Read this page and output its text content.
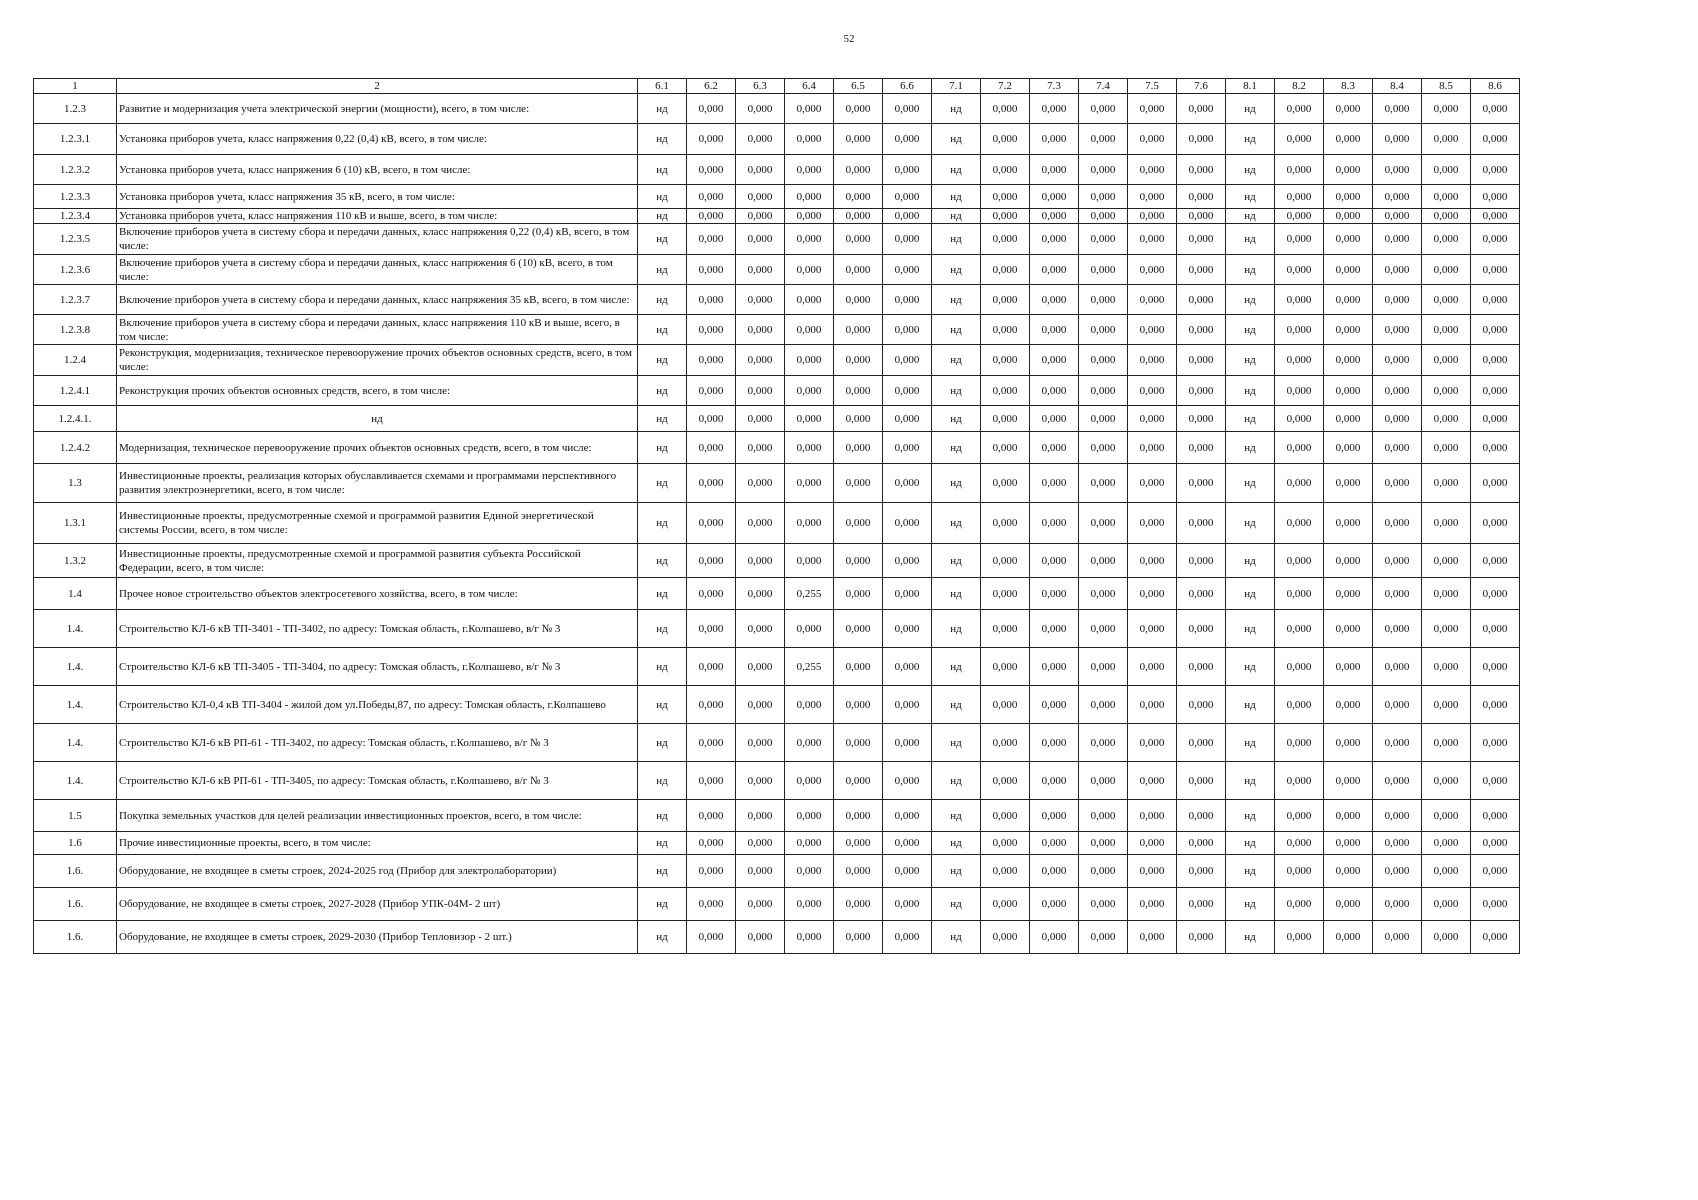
52
1	2	6.1	6.2	6.3	6.4	6.5	6.6	7.1	7.2	7.3	7.4	7.5	7.6	8.1	8.2	8.3	8.4	8.5	8.6
1.2.3	Развитие и модернизация учета электрической энергии (мощности), всего, в том числе:	нд	0,000	0,000	0,000	0,000	0,000	нд	0,000	0,000	0,000	0,000	0,000	нд	0,000	0,000	0,000	0,000	0,000
1.2.3.1	Установка приборов учета, класс напряжения 0,22 (0,4) кВ, всего, в том числе:	нд	0,000	0,000	0,000	0,000	0,000	нд	0,000	0,000	0,000	0,000	0,000	нд	0,000	0,000	0,000	0,000	0,000
1.2.3.2	Установка приборов учета, класс напряжения 6 (10) кВ, всего, в том числе:	нд	0,000	0,000	0,000	0,000	0,000	нд	0,000	0,000	0,000	0,000	0,000	нд	0,000	0,000	0,000	0,000	0,000
1.2.3.3	Установка приборов учета, класс напряжения 35 кВ, всего, в том числе:	нд	0,000	0,000	0,000	0,000	0,000	нд	0,000	0,000	0,000	0,000	0,000	нд	0,000	0,000	0,000	0,000	0,000
1.2.3.4	Установка приборов учета, класс напряжения 110 кВ и выше, всего, в том числе:	нд	0,000	0,000	0,000	0,000	0,000	нд	0,000	0,000	0,000	0,000	0,000	нд	0,000	0,000	0,000	0,000	0,000
1.2.3.5	Включение приборов учета в систему сбора и передачи данных, класс напряжения 0,22 (0,4) кВ, всего, в том числе:	нд	0,000	0,000	0,000	0,000	0,000	нд	0,000	0,000	0,000	0,000	0,000	нд	0,000	0,000	0,000	0,000	0,000
1.2.3.6	Включение приборов учета в систему сбора и передачи данных, класс напряжения 6 (10) кВ, всего, в том числе:	нд	0,000	0,000	0,000	0,000	0,000	нд	0,000	0,000	0,000	0,000	0,000	нд	0,000	0,000	0,000	0,000	0,000
1.2.3.7	Включение приборов учета в систему сбора и передачи данных, класс напряжения 35 кВ, всего, в том числе:	нд	0,000	0,000	0,000	0,000	0,000	нд	0,000	0,000	0,000	0,000	0,000	нд	0,000	0,000	0,000	0,000	0,000
1.2.3.8	Включение приборов учета в систему сбора и передачи данных, класс напряжения 110 кВ и выше, всего, в том числе:	нд	0,000	0,000	0,000	0,000	0,000	нд	0,000	0,000	0,000	0,000	0,000	нд	0,000	0,000	0,000	0,000	0,000
1.2.4	Реконструкция, модернизация, техническое перевооружение прочих объектов основных средств, всего, в том числе:	нд	0,000	0,000	0,000	0,000	0,000	нд	0,000	0,000	0,000	0,000	0,000	нд	0,000	0,000	0,000	0,000	0,000
1.2.4.1	Реконструкция прочих объектов основных средств, всего, в том числе:	нд	0,000	0,000	0,000	0,000	0,000	нд	0,000	0,000	0,000	0,000	0,000	нд	0,000	0,000	0,000	0,000	0,000
1.2.4.1.	нд	нд	0,000	0,000	0,000	0,000	0,000	нд	0,000	0,000	0,000	0,000	0,000	нд	0,000	0,000	0,000	0,000	0,000
1.2.4.2	Модернизация, техническое перевооружение прочих объектов основных средств, всего, в том числе:	нд	0,000	0,000	0,000	0,000	0,000	нд	0,000	0,000	0,000	0,000	0,000	нд	0,000	0,000	0,000	0,000	0,000
1.3	Инвестиционные проекты, реализация которых обуславливается схемами и программами перспективного развития электроэнергетики, всего, в том числе:	нд	0,000	0,000	0,000	0,000	0,000	нд	0,000	0,000	0,000	0,000	0,000	нд	0,000	0,000	0,000	0,000	0,000
1.3.1	Инвестиционные проекты, предусмотренные схемой и программой развития Единой энергетической системы России, всего, в том числе:	нд	0,000	0,000	0,000	0,000	0,000	нд	0,000	0,000	0,000	0,000	0,000	нд	0,000	0,000	0,000	0,000	0,000
1.3.2	Инвестиционные проекты, предусмотренные схемой и программой развития субъекта Российской Федерации, всего, в том числе:	нд	0,000	0,000	0,000	0,000	0,000	нд	0,000	0,000	0,000	0,000	0,000	нд	0,000	0,000	0,000	0,000	0,000
1.4	Прочее новое строительство объектов электросетевого хозяйства, всего, в том числе:	нд	0,000	0,000	0,255	0,000	0,000	нд	0,000	0,000	0,000	0,000	0,000	нд	0,000	0,000	0,000	0,000	0,000
1.4.	Строительство КЛ-6 кВ ТП-3401 - ТП-3402, по адресу: Томская область, г.Колпашево, в/г № 3	нд	0,000	0,000	0,000	0,000	0,000	нд	0,000	0,000	0,000	0,000	0,000	нд	0,000	0,000	0,000	0,000	0,000
1.4.	Строительство КЛ-6 кВ ТП-3405 - ТП-3404, по адресу: Томская область, г.Колпашево, в/г № 3	нд	0,000	0,000	0,255	0,000	0,000	нд	0,000	0,000	0,000	0,000	0,000	нд	0,000	0,000	0,000	0,000	0,000
1.4.	Строительство КЛ-0,4 кВ ТП-3404 - жилой дом ул.Победы,87, по адресу: Томская область, г.Колпашево	нд	0,000	0,000	0,000	0,000	0,000	нд	0,000	0,000	0,000	0,000	0,000	нд	0,000	0,000	0,000	0,000	0,000
1.4.	Строительство КЛ-6 кВ РП-61 - ТП-3402, по адресу: Томская область, г.Колпашево, в/г № 3	нд	0,000	0,000	0,000	0,000	0,000	нд	0,000	0,000	0,000	0,000	0,000	нд	0,000	0,000	0,000	0,000	0,000
1.4.	Строительство КЛ-6 кВ РП-61 - ТП-3405, по адресу: Томская область, г.Колпашево, в/г № 3	нд	0,000	0,000	0,000	0,000	0,000	нд	0,000	0,000	0,000	0,000	0,000	нд	0,000	0,000	0,000	0,000	0,000
1.5	Покупка земельных участков для целей реализации инвестиционных проектов, всего, в том числе:	нд	0,000	0,000	0,000	0,000	0,000	нд	0,000	0,000	0,000	0,000	0,000	нд	0,000	0,000	0,000	0,000	0,000
1.6	Прочие инвестиционные проекты, всего, в том числе:	нд	0,000	0,000	0,000	0,000	0,000	нд	0,000	0,000	0,000	0,000	0,000	нд	0,000	0,000	0,000	0,000	0,000
1.6.	Оборудование, не входящее в сметы строек, 2024-2025 год (Прибор для электролаборатории)	нд	0,000	0,000	0,000	0,000	0,000	нд	0,000	0,000	0,000	0,000	0,000	нд	0,000	0,000	0,000	0,000	0,000
1.6.	Оборудование, не входящее в сметы строек, 2027-2028 (Прибор УПК-04М- 2 шт)	нд	0,000	0,000	0,000	0,000	0,000	нд	0,000	0,000	0,000	0,000	0,000	нд	0,000	0,000	0,000	0,000	0,000
1.6.	Оборудование, не входящее в сметы строек, 2029-2030 (Прибор Тепловизор - 2 шт.)	нд	0,000	0,000	0,000	0,000	0,000	нд	0,000	0,000	0,000	0,000	0,000	нд	0,000	0,000	0,000	0,000	0,000
